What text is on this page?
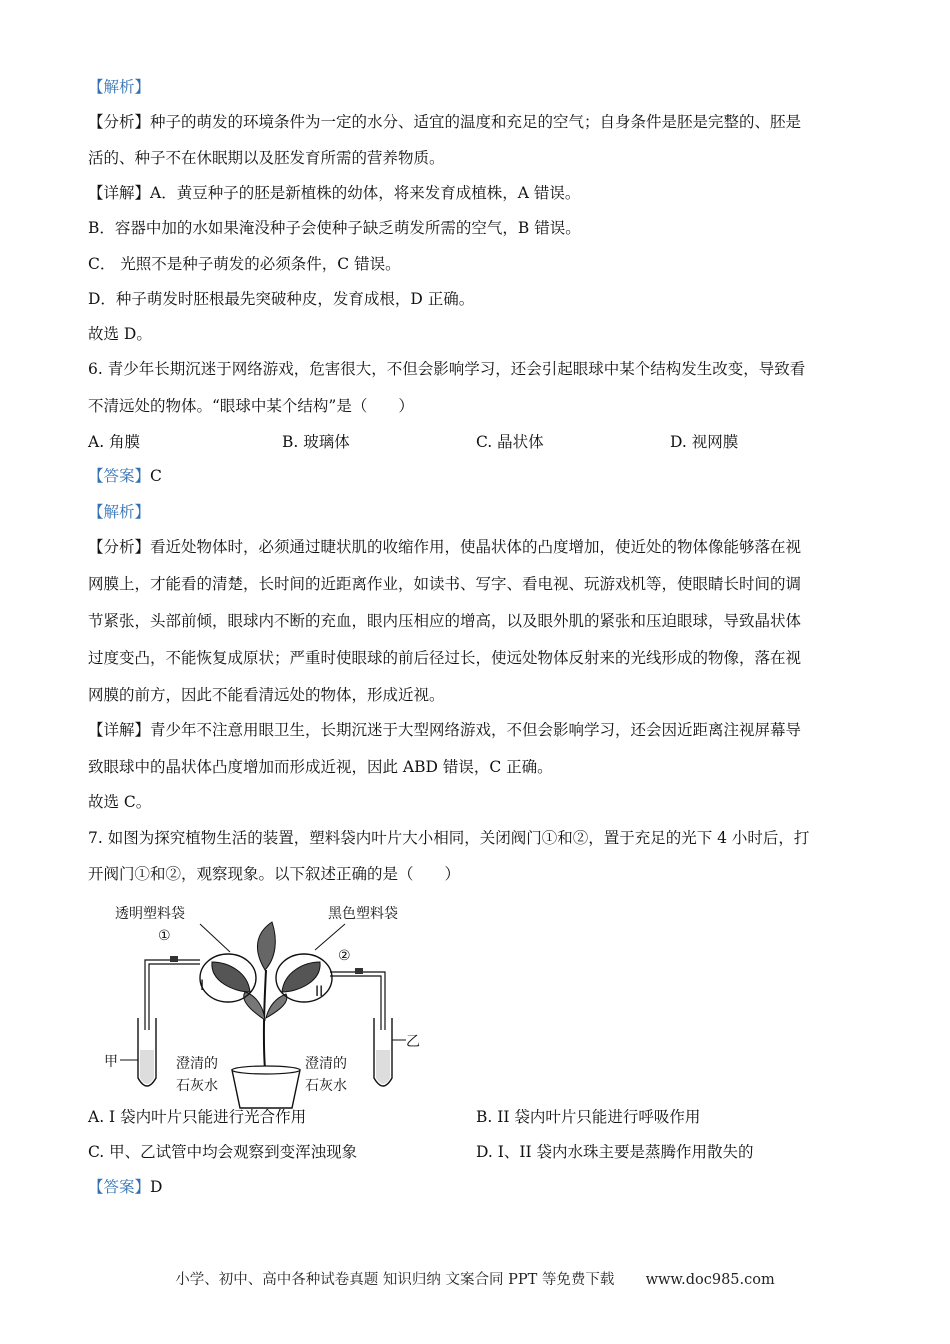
【解析】
【分析】种子的萌发的环境条件为一定的水分、适宜的温度和充足的空气；自身条件是胚是完整的、胚是
活的、种子不在休眠期以及胚发育所需的营养物质。
【详解】A．黄豆种子的胚是新植株的幼体，将来发育成植株，A 错误。
B．容器中加的水如果淹没种子会使种子缺乏萌发所需的空气，B 错误。
C． 光照不是种子萌发的必须条件，C 错误。
D．种子萌发时胚根最先突破种皮，发育成根，D 正确。
故选 D。
6. 青少年长期沉迷于网络游戏，危害很大，不但会影响学习，还会引起眼球中某个结构发生改变，导致看
不清远处的物体。“眼球中某个结构”是（　　）
A. 角膜	B. 玻璃体	C. 晶状体	D. 视网膜
【答案】C
【解析】
【分析】看近处物体时，必须通过睫状肌的收缩作用，使晶状体的凸度增加，使近处的物体像能够落在视
网膜上，才能看的清楚，长时间的近距离作业，如读书、写字、看电视、玩游戏机等，使眼睛长时间的调
节紧张，头部前倾，眼球内不断的充血，眼内压相应的增高，以及眼外肌的紧张和压迫眼球，导致晶状体
过度变凸，不能恢复成原状；严重时使眼球的前后径过长，使远处物体反射来的光线形成的物像，落在视
网膜的前方，因此不能看清远处的物体，形成近视。
【详解】青少年不注意用眼卫生，长期沉迷于大型网络游戏，不但会影响学习，还会因近距离注视屏幕导
致眼球中的晶状体凸度增加而形成近视，因此 ABD 错误，C 正确。
故选 C。
7. 如图为探究植物生活的装置，塑料袋内叶片大小相同，关闭阀门①和②，置于充足的光下 4 小时后，打
开阀门①和②，观察现象。以下叙述正确的是（　　）
透明塑料袋	黑色塑料袋
①
②
甲
乙
I	II
澄清的
石灰水
澄清的
石灰水
A. I 袋内叶片只能进行光合作用	B. II 袋内叶片只能进行呼吸作用
C. 甲、乙试管中均会观察到变浑浊现象	D. I、II 袋内水珠主要是蒸腾作用散失的
【答案】D
小学、初中、高中各种试卷真题 知识归纳 文案合同 PPT 等免费下载 www.doc985.com
